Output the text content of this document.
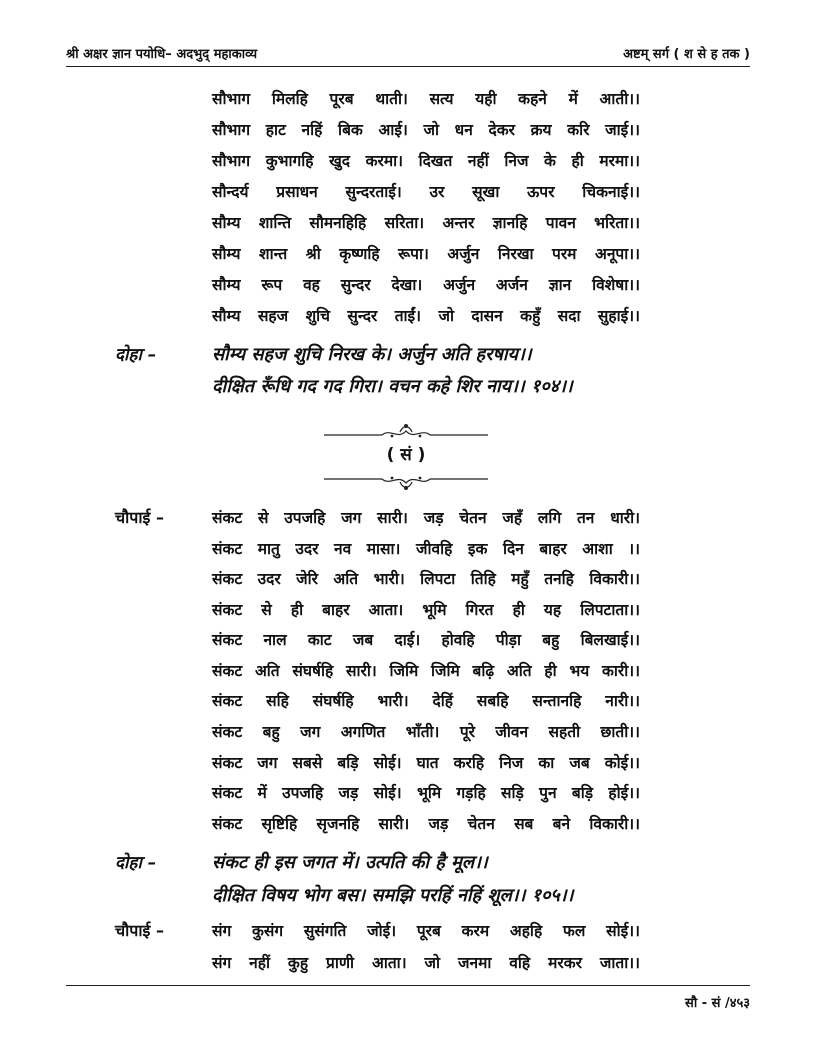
श्री अक्षर ज्ञान पयोधि– अदभुद् महाकाव्य	अष्टम् सर्ग ( श से ह तक )
सौभाग मिलहि पूरब थाती। सत्य यही कहने में आती।।
सौभाग हाट नहिं बिक आई। जो धन देकर क्रय करि जाई।।
सौभाग कुभागहि खुद करमा। दिखत नहीं निज के ही मरमा।।
सौन्दर्य प्रसाधन सुन्दरताई। उर सूखा ऊपर चिकनाई।।
सौम्य शान्ति सौमनहिहि सरिता। अन्तर ज्ञानहि पावन भरिता।।
सौम्य शान्त श्री कृष्णहि रूपा। अर्जुन निरखा परम अनूपा।।
सौम्य रूप वह सुन्दर देखा। अर्जुन अर्जन ज्ञान विशेषा।।
सौम्य सहज शुचि सुन्दर ताईं। जो दासन कहुँ सदा सुहाई।।
दोहा –	सौम्य सहज शुचि निरख के। अर्जुन अति हरषाय।।
दीक्षित रूँधि गद गद गिरा। वचन कहे शिर नाय।। १०४।।
( सं )
चौपाई –	संकट से उपजहि जग सारी। जड़ चेतन जहँ लगि तन धारी।
संकट मातु उदर नव मासा। जीवहि इक दिन बाहर आशा ।।
संकट उदर जेरि अति भारी। लिपटा तिहि महुँ तनहि विकारी।।
संकट से ही बाहर आता। भूमि गिरत ही यह लिपटाता।।
संकट नाल काट जब दाई। होवहि पीड़ा बहु बिलखाई।।
संकट अति संघर्षहि सारी। जिमि जिमि बढ़ि अति ही भय कारी।।
संकट सहि संघर्षहि भारी। देहिं सबहि सन्तानहि नारी।।
संकट बहु जग अगणित भाँती। पूरे जीवन सहती छाती।।
संकट जग सबसे बड़ि सोई। घात करहि निज का जब कोई।।
संकट में उपजहि जड़ सोई। भूमि गड़हि सड़ि पुन बड़ि होई।।
संकट सृष्टिहि सृजनहि सारी। जड़ चेतन सब बने विकारी।।
दोहा –	संकट ही इस जगत में। उत्पति की है मूल।।
दीक्षित विषय भोग बस। समझि परहिं नहिं शूल।। १०५।।
चौपाई –	संग कुसंग सुसंगति जोई। पूरब करम अहहि फल सोई।।
संग नहीं कुहु प्राणी आता। जो जनमा वहि मरकर जाता।।
सौ - सं /४५३
